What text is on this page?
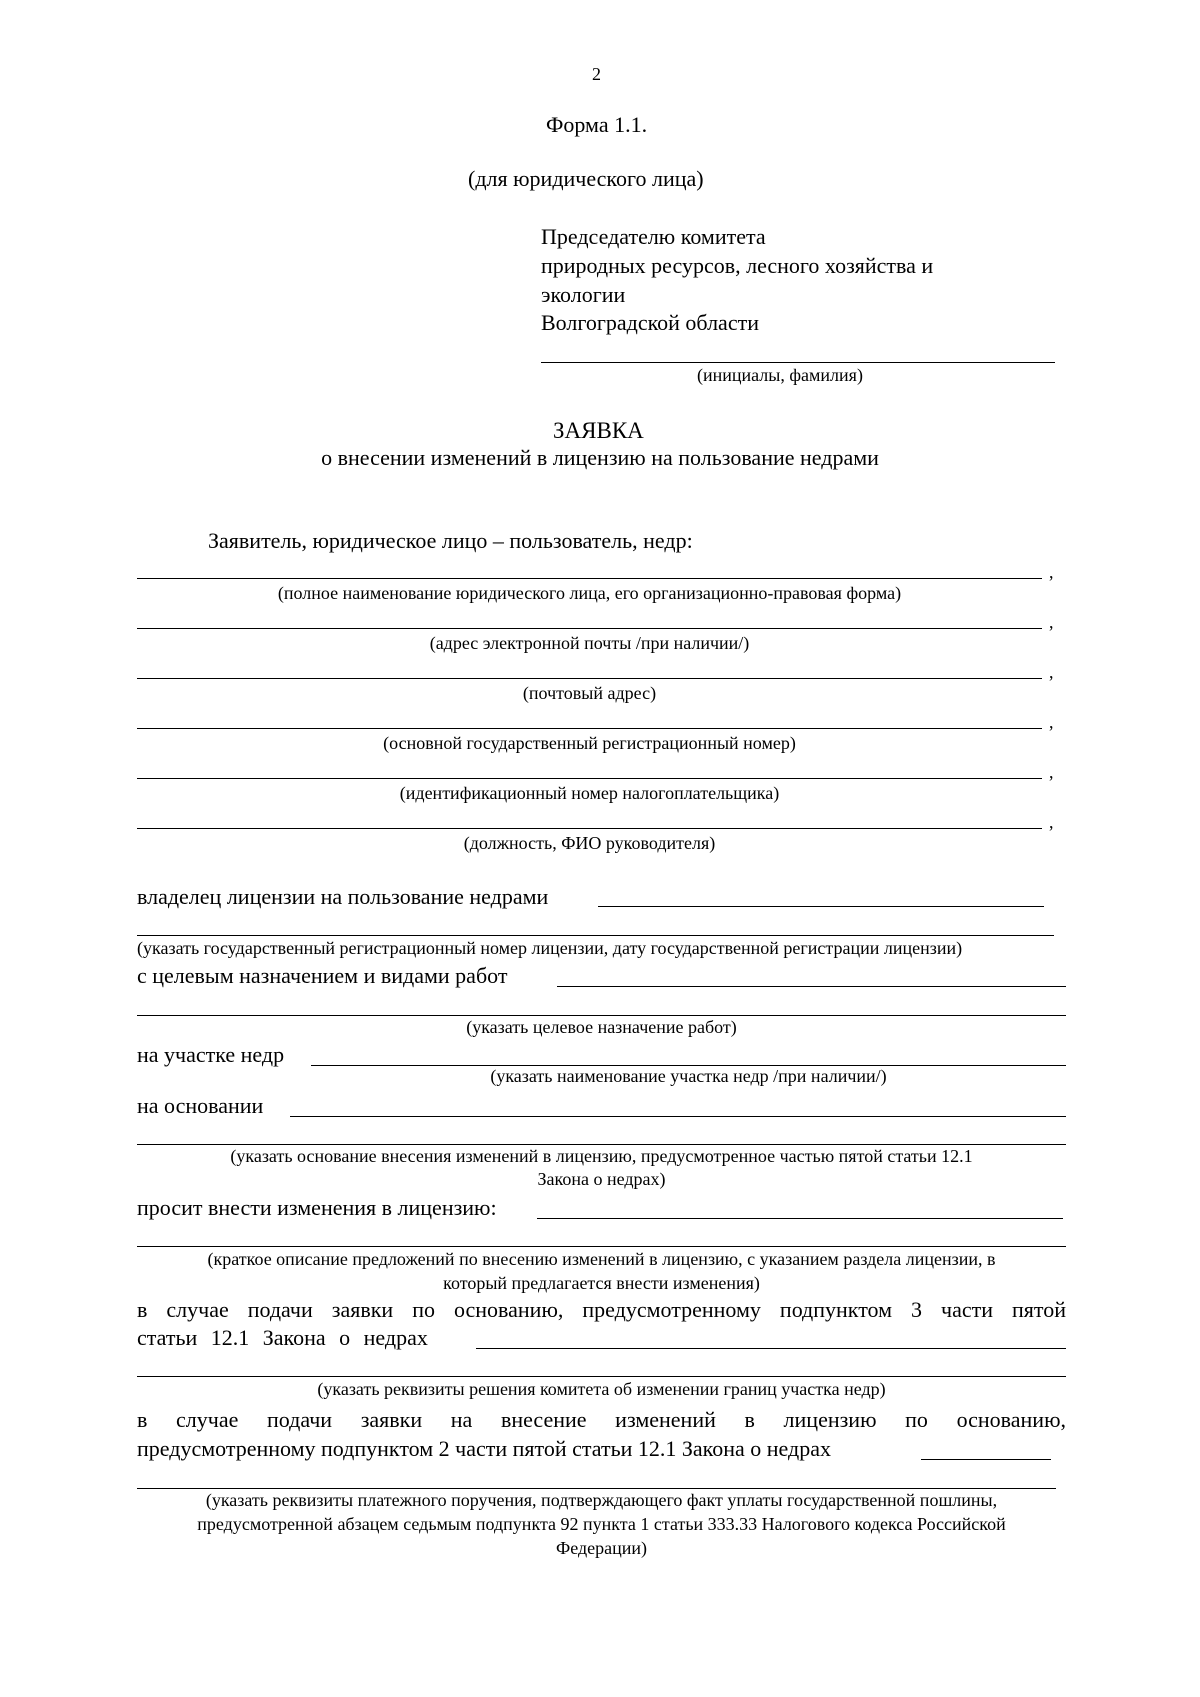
2
Форма 1.1.
(для юридического лица)
Председателю комитета
природных ресурсов, лесного хозяйства и
экологии
Волгоградской области
(инициалы, фамилия)
ЗАЯВКА
о внесении изменений в лицензию на пользование недрами
Заявитель, юридическое лицо – пользователь, недр:
,
(полное наименование юридического лица, его организационно-правовая форма)
,
(адрес электронной почты /при наличии/)
,
(почтовый адрес)
,
(основной государственный регистрационный номер)
,
(идентификационный номер налогоплательщика)
,
(должность, ФИО руководителя)
владелец лицензии на пользование недрами
(указать государственный регистрационный номер лицензии, дату государственной регистрации лицензии)
с целевым назначением и видами работ
(указать целевое назначение работ)
на участке недр
(указать наименование участка недр /при наличии/)
на основании
(указать основание внесения изменений в лицензию, предусмотренное частью пятой статьи 12.1
Закона о недрах)
просит внести изменения в лицензию:
(краткое описание предложений по внесению изменений в лицензию, с указанием раздела лицензии, в
который предлагается внести изменения)
в случае подачи заявки по основанию, предусмотренному подпунктом 3 части пятой
статьи 12.1 Закона о недрах
(указать реквизиты решения комитета об изменении границ участка недр)
в случае подачи заявки на внесение изменений в лицензию по основанию,
предусмотренному подпунктом 2 части пятой статьи 12.1 Закона о недрах
(указать реквизиты платежного поручения, подтверждающего факт уплаты государственной пошлины,
предусмотренной абзацем седьмым подпункта 92 пункта 1 статьи 333.33 Налогового кодекса Российской
Федерации)
